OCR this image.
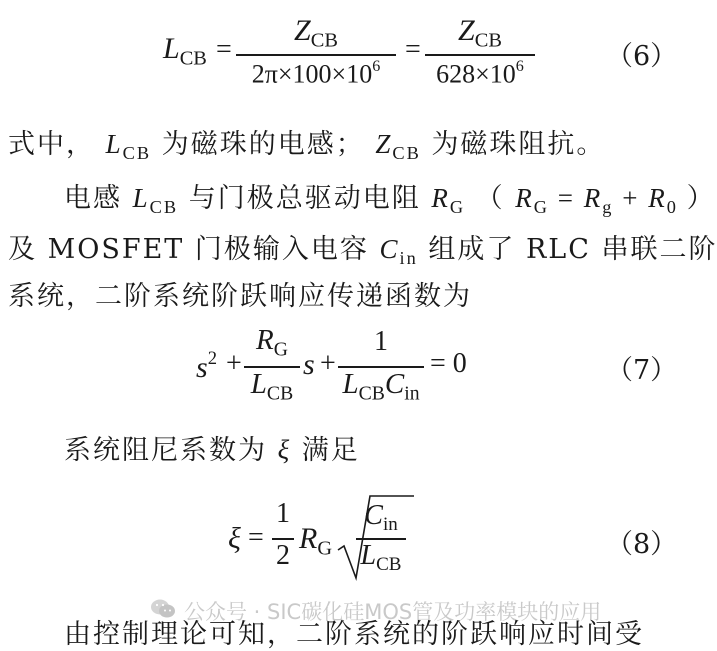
$L_{CB}$ =
$Z_{CB}$
$2\pi\times 100\times 10^6$
=
$Z_{CB}$
$628\times 10^6$	（6）
式中， $L_{CB}$ 为磁珠的电感； $Z_{CB}$ 为磁珠阻抗。
电感 $L_{CB}$ 与门极总驱动电阻 $R_G$ （ $R_G = R_g + R_0$ ）
及 MOSFET 门极输入电容 $C_{in}$ 组成了 RLC 串联二阶
系统，二阶系统阶跃响应传递函数为
$s^2$ +
$R_G$
$L_{CB}$
s +
1
$L_{CB}C_{in}$
= 0	（7）
系统阻尼系数为 ξ 满足
ξ =
1
2
$R_G$
$C_{in}$
$L_{CB}$
（8）
公众号 · SIC碳化硅MOS管及功率模块的应用
由控制理论可知，二阶系统的阶跃响应时间受
